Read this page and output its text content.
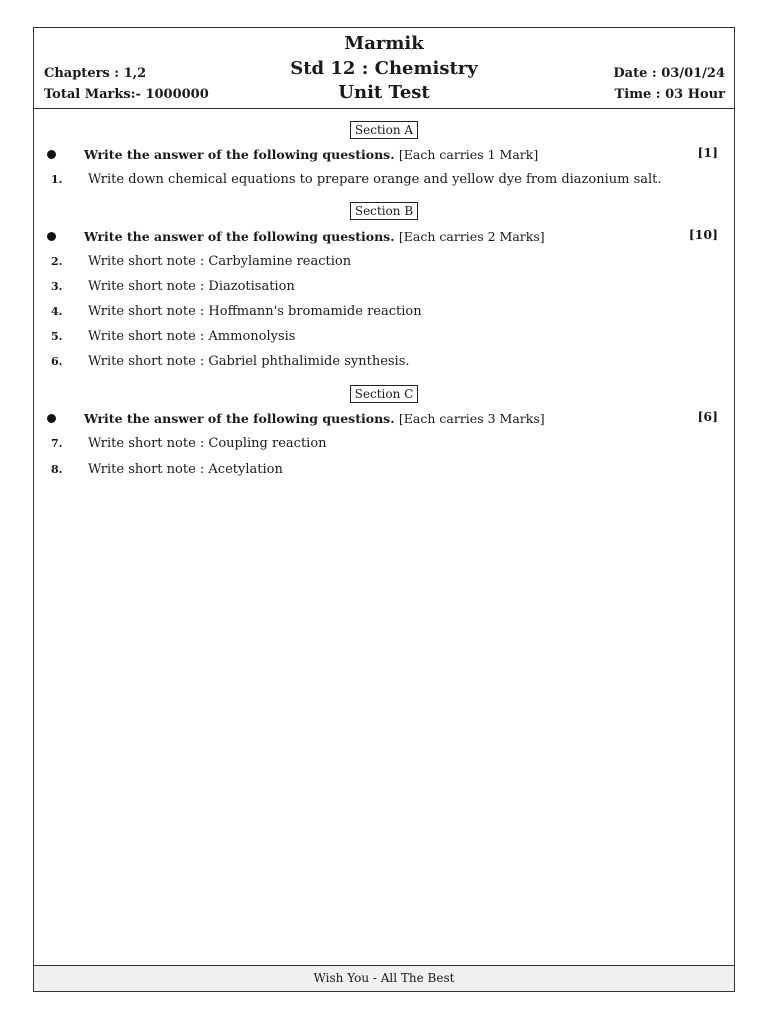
Marmik
Std 12 : Chemistry
Unit Test
Chapters : 1,2
Total Marks:- 1000000
Date : 03/01/24
Time : 03 Hour
Section A
Write the answer of the following questions. [Each carries 1 Mark]	[1]
1. Write down chemical equations to prepare orange and yellow dye from diazonium salt.
Section B
Write the answer of the following questions. [Each carries 2 Marks]	[10]
2. Write short note : Carbylamine reaction
3. Write short note : Diazotisation
4. Write short note : Hoffmann's bromamide reaction
5. Write short note : Ammonolysis
6. Write short note : Gabriel phthalimide synthesis.
Section C
Write the answer of the following questions. [Each carries 3 Marks]	[6]
7. Write short note : Coupling reaction
8. Write short note : Acetylation
Wish You - All The Best
